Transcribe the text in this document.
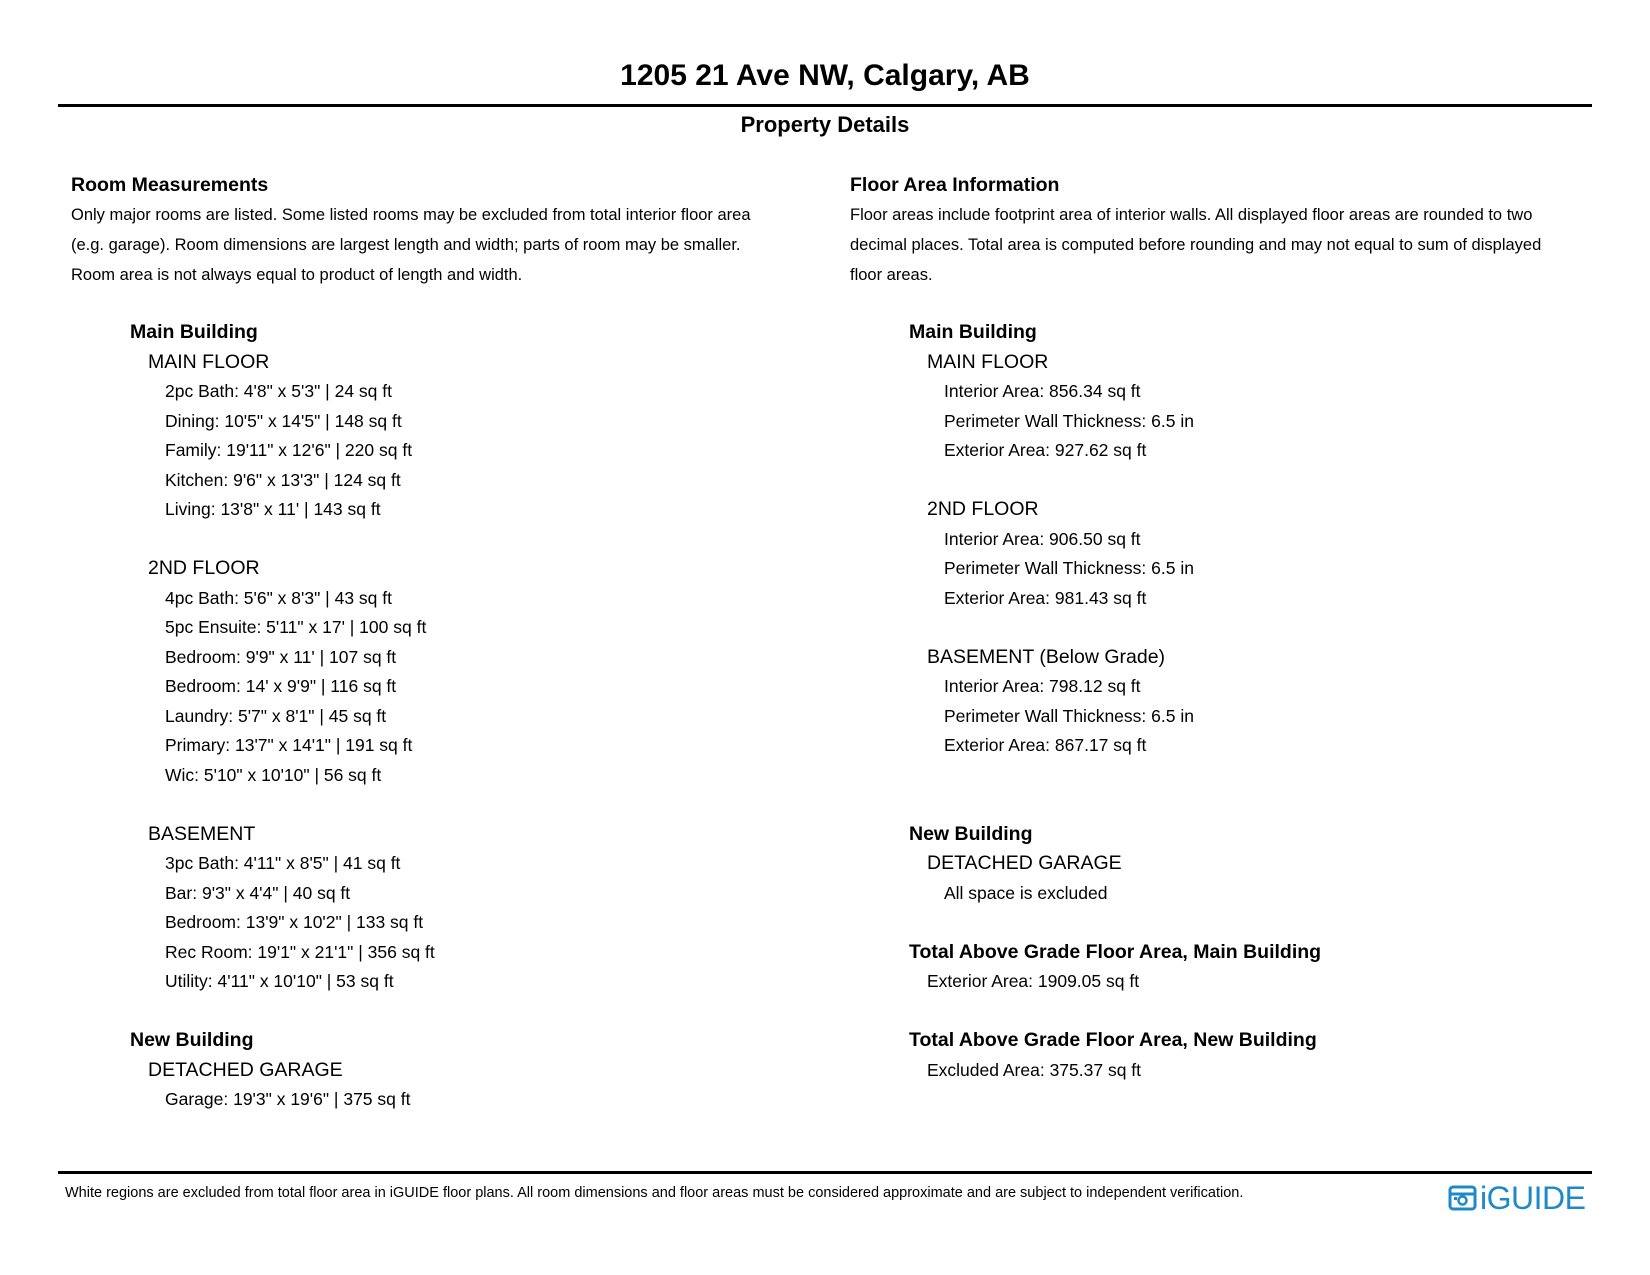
1205 21 Ave NW, Calgary, AB
Property Details
Room Measurements
Only major rooms are listed. Some listed rooms may be excluded from total interior floor area
(e.g. garage). Room dimensions are largest length and width; parts of room may be smaller.
Room area is not always equal to product of length and width.
Main Building
MAIN FLOOR
2pc Bath: 4'8" x 5'3" | 24 sq ft
Dining: 10'5" x 14'5" | 148 sq ft
Family: 19'11" x 12'6" | 220 sq ft
Kitchen: 9'6" x 13'3" | 124 sq ft
Living: 13'8" x 11' | 143 sq ft
2ND FLOOR
4pc Bath: 5'6" x 8'3" | 43 sq ft
5pc Ensuite: 5'11" x 17' | 100 sq ft
Bedroom: 9'9" x 11' | 107 sq ft
Bedroom: 14' x 9'9" | 116 sq ft
Laundry: 5'7" x 8'1" | 45 sq ft
Primary: 13'7" x 14'1" | 191 sq ft
Wic: 5'10" x 10'10" | 56 sq ft
BASEMENT
3pc Bath: 4'11" x 8'5" | 41 sq ft
Bar: 9'3" x 4'4" | 40 sq ft
Bedroom: 13'9" x 10'2" | 133 sq ft
Rec Room: 19'1" x 21'1" | 356 sq ft
Utility: 4'11" x 10'10" | 53 sq ft
New Building
DETACHED GARAGE
Garage: 19'3" x 19'6" | 375 sq ft
Floor Area Information
Floor areas include footprint area of interior walls. All displayed floor areas are rounded to two
decimal places. Total area is computed before rounding and may not equal to sum of displayed
floor areas.
Main Building
MAIN FLOOR
Interior Area: 856.34 sq ft
Perimeter Wall Thickness: 6.5 in
Exterior Area: 927.62 sq ft
2ND FLOOR
Interior Area: 906.50 sq ft
Perimeter Wall Thickness: 6.5 in
Exterior Area: 981.43 sq ft
BASEMENT (Below Grade)
Interior Area: 798.12 sq ft
Perimeter Wall Thickness: 6.5 in
Exterior Area: 867.17 sq ft
New Building
DETACHED GARAGE
All space is excluded
Total Above Grade Floor Area, Main Building
Exterior Area: 1909.05 sq ft
Total Above Grade Floor Area, New Building
Excluded Area: 375.37 sq ft
White regions are excluded from total floor area in iGUIDE floor plans. All room dimensions and floor areas must be considered approximate and are subject to independent verification.	iGUIDE
